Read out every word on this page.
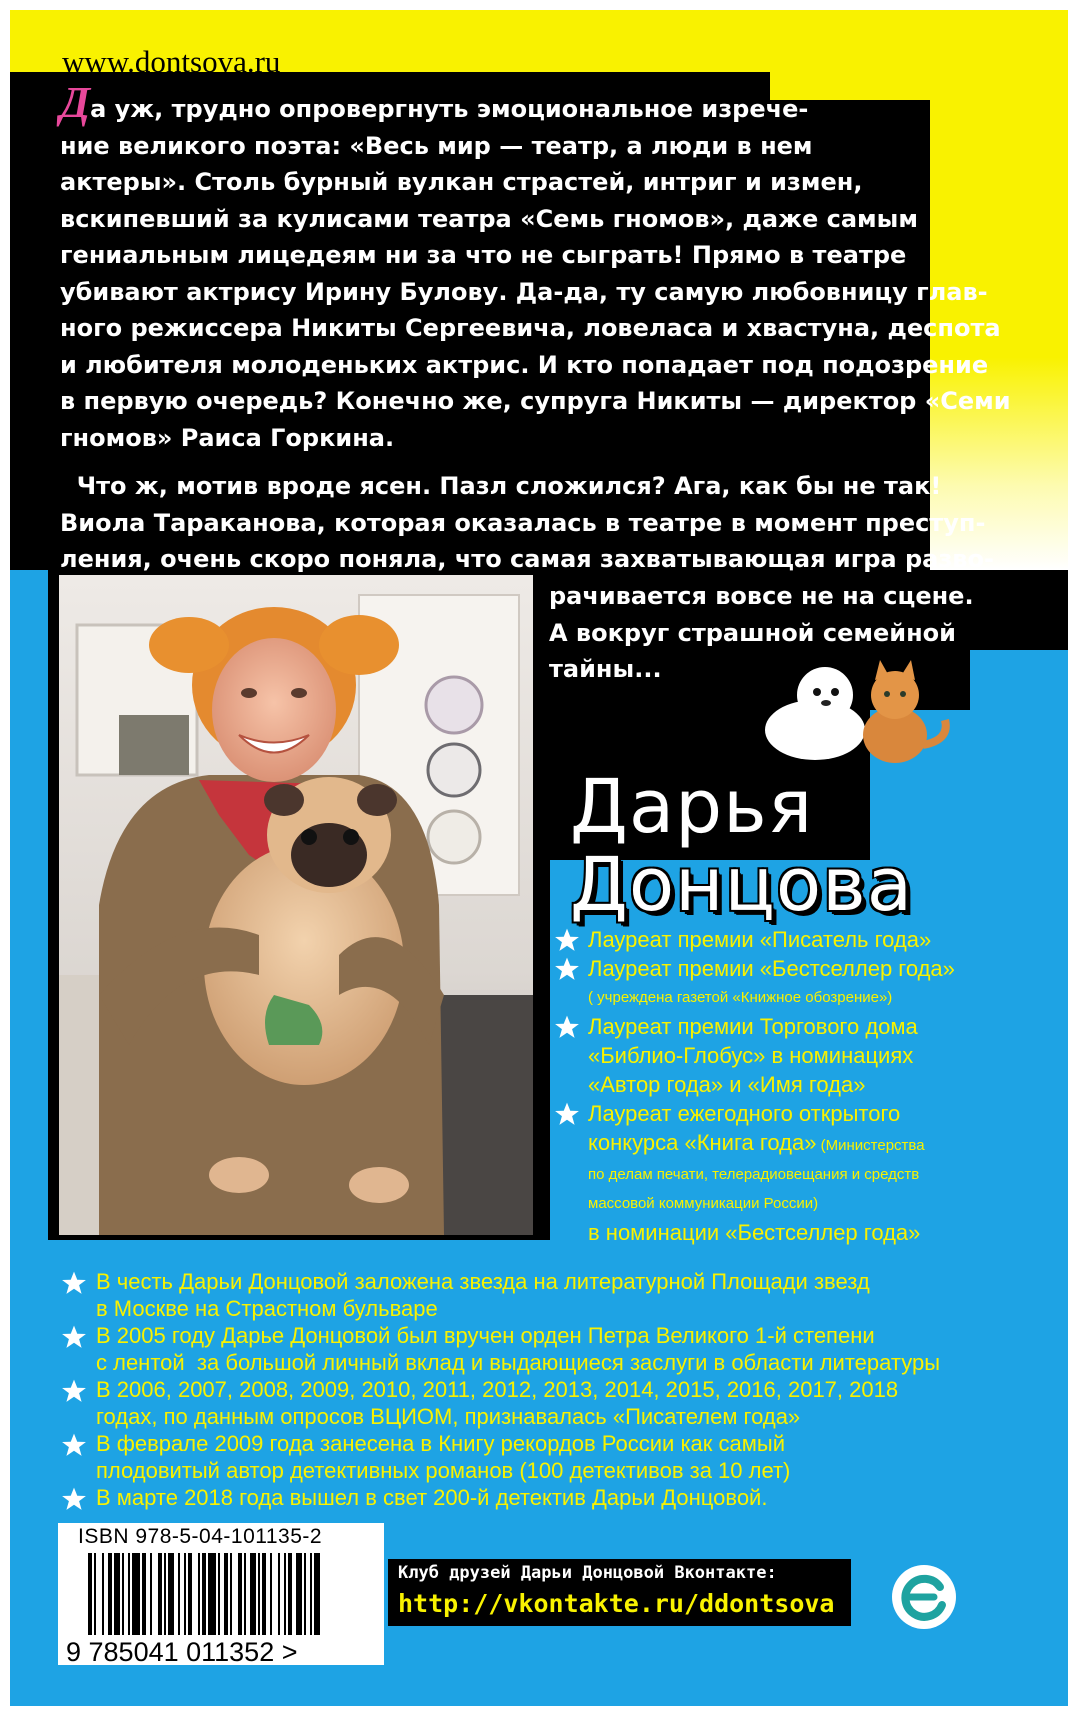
www.dontsova.ru

Да уж, трудно опровергнуть эмоциональное изрече-
ние великого поэта: «Весь мир — театр, а люди в нем
актеры». Столь бурный вулкан страстей, интриг и измен,
вскипевший за кулисами театра «Семь гномов», даже самым
гениальным лицедеям ни за что не сыграть! Прямо в театре
убивают актрису Ирину Булову. Да-да, ту самую любовницу глав-
ного режиссера Никиты Сергеевича, ловеласа и хвастуна, деспота
и любителя молоденьких актрис. И кто попадает под подозрение
в первую очередь? Конечно же, супруга Никиты — директор «Семи
гномов» Раиса Горкина.

Что ж, мотив вроде ясен. Пазл сложился? Ага, как бы не так!
Виола Тараканова, которая оказалась в театре в момент преступ-
ления, очень скоро поняла, что самая захватывающая игра разво-

рачивается вовсе не на сцене.
А вокруг страшной семейной
тайны...

Дарья
Донцова
Лауреат премии «Писатель года»
Лауреат премии «Бестселлер года»
( учреждена газетой «Книжное обозрение»)
Лауреат премии Торгового дома
«Библио-Глобус» в номинациях
«Автор года» и «Имя года»
Лауреат ежегодного открытого
конкурса «Книга года» (Министерства
по делам печати, телерадиовещания и средств
массовой коммуникации России)
в номинации «Бестселлер года»
В честь Дарьи Донцовой заложена звезда на литературной Площади звезд
в Москве на Страстном бульваре
В 2005 году Дарье Донцовой был вручен орден Петра Великого 1-й степени
с лентой  за большой личный вклад и выдающиеся заслуги в области литературы
В 2006, 2007, 2008, 2009, 2010, 2011, 2012, 2013, 2014, 2015, 2016, 2017, 2018
годах, по данным опросов ВЦИОМ, признавалась «Писателем года»
В феврале 2009 года занесена в Книгу рекордов России как самый
плодовитый автор детективных романов (100 детективов за 10 лет)
В марте 2018 года вышел в свет 200-й детектив Дарьи Донцовой.
ISBN 978-5-04-101135-2
9 785041 011352 >
Клуб друзей Дарьи Донцовой Вконтакте:
http://vkontakte.ru/ddontsova
